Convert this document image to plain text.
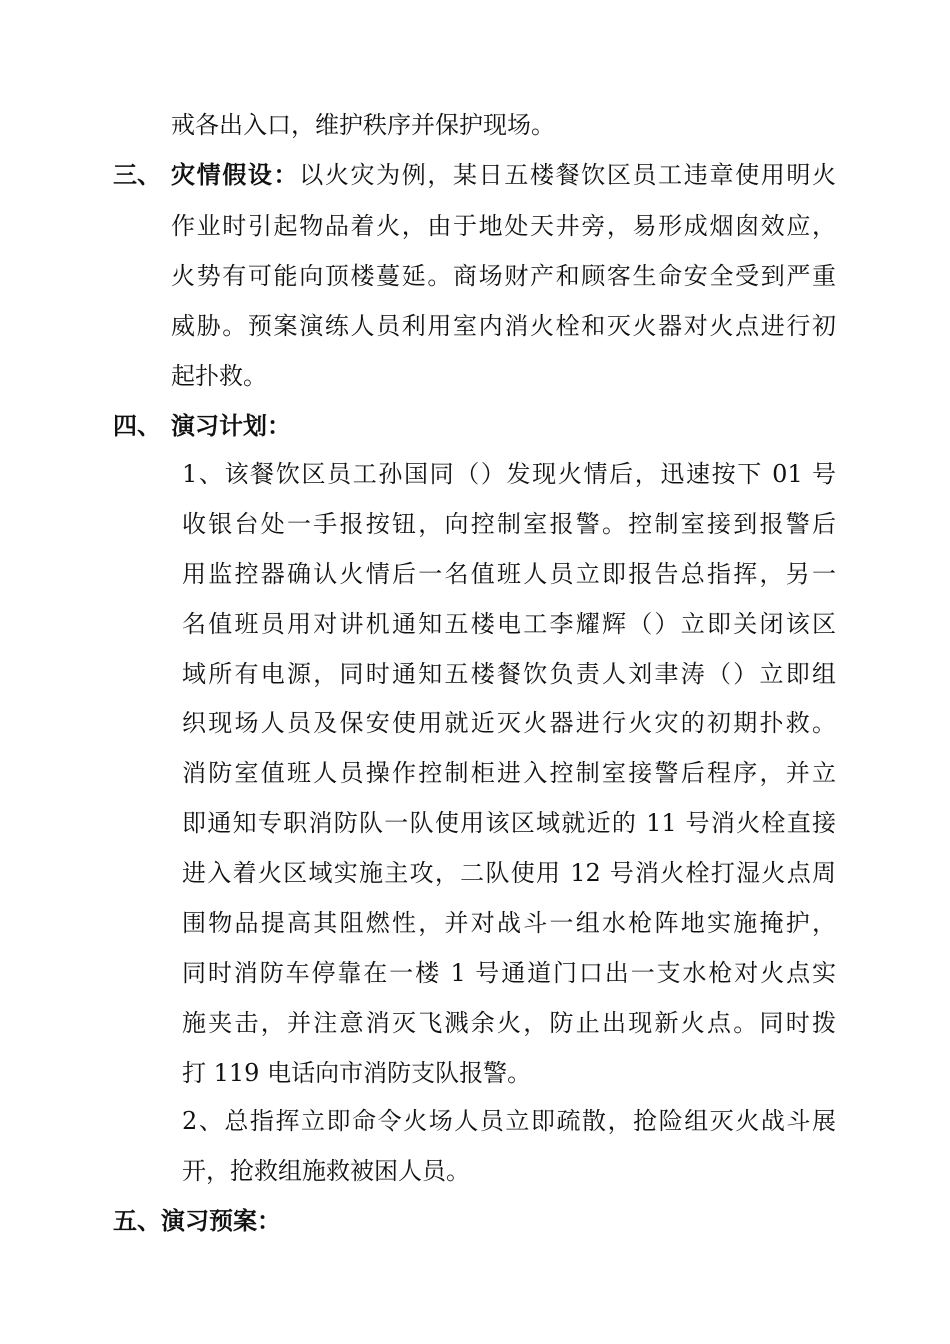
戒各出入口，维护秩序并保护现场。
三、 灾情假设：以火灾为例，某日五楼餐饮区员工违章使用明火
作业时引起物品着火，由于地处天井旁，易形成烟囱效应，
火势有可能向顶楼蔓延。商场财产和顾客生命安全受到严重
威胁。预案演练人员利用室内消火栓和灭火器对火点进行初
起扑救。
四、 演习计划：
1、该餐饮区员工孙国同（）发现火情后，迅速按下 01 号
收银台处一手报按钮，向控制室报警。控制室接到报警后
用监控器确认火情后一名值班人员立即报告总指挥，另一
名值班员用对讲机通知五楼电工李耀辉（）立即关闭该区
域所有电源，同时通知五楼餐饮负责人刘聿涛（）立即组
织现场人员及保安使用就近灭火器进行火灾的初期扑救。
消防室值班人员操作控制柜进入控制室接警后程序，并立
即通知专职消防队一队使用该区域就近的 11 号消火栓直接
进入着火区域实施主攻，二队使用 12 号消火栓打湿火点周
围物品提高其阻燃性，并对战斗一组水枪阵地实施掩护，
同时消防车停靠在一楼 1 号通道门口出一支水枪对火点实
施夹击，并注意消灭飞溅余火，防止出现新火点。同时拨
打 119 电话向市消防支队报警。
2、总指挥立即命令火场人员立即疏散，抢险组灭火战斗展
开，抢救组施救被困人员。
五、演习预案：
